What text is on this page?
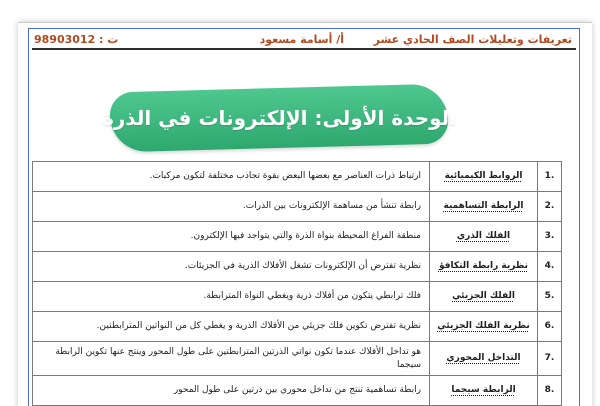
تعريفات وتعليلات الصف الحادي عشر
أ/ أسامة مسعود
98903012 : ت
الوحدة الأولى: الإلكترونات في الذرة
.1	الروابط الكيميائية	ارتباط ذرات العناصر مع بعضها البعض بقوة تجاذب مختلفة لتكون مركبات.
.2	الرابطة التساهمية	رابطة تنشأ من مساهمة الإلكترونات بين الذرات.
.3	الفلك الذري	منطقة الفراغ المحيطة بنواة الذرة والتي يتواجد فيها الإلكترون.
.4	نظرية رابطة التكافؤ	نظرية تفترض أن الإلكترونات تشغل الأفلاك الذرية في الجزيئات.
.5	الفلك الجزيئي	فلك ترابطي يتكون من أفلاك ذرية ويغطي النواة المترابطة.
.6	نظرية الفلك الجزيئي	نظرية تفترض تكوين فلك جزيئي من الأفلاك الذرية و يغطي كل من النواتين المترابطتين.
.7	التداخل المحوري	هو تداخل الأفلاك عندما تكون نواتي الذرتين المترابطتين على طول المحور وينتج عنها تكوين الرابطة سيجما
.8	الرابطة سيجما	رابطة تساهمية تنتج من تداخل محوري بين ذرتين على طول المحور
